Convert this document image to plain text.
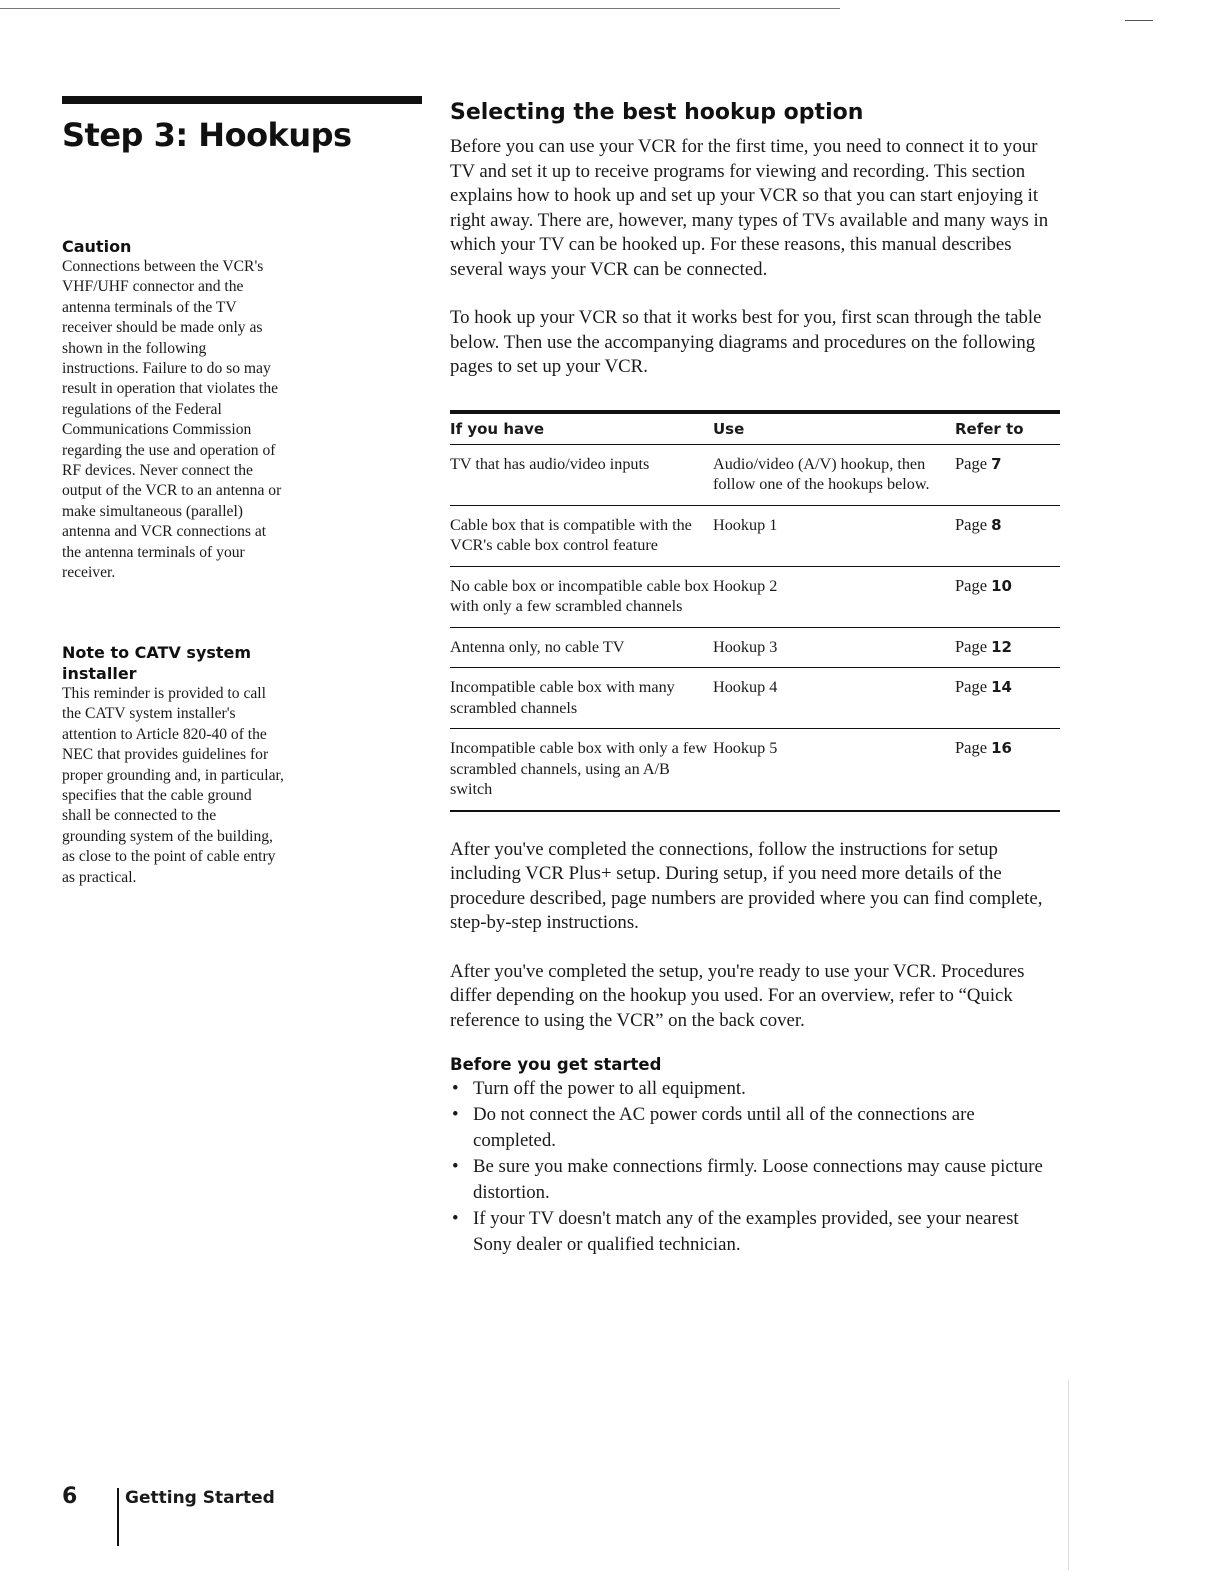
Step 3: Hookups

Caution

Connections between the VCR's VHF/UHF connector and the antenna terminals of the TV receiver should be made only as shown in the following instructions. Failure to do so may result in operation that violates the regulations of the Federal Communications Commission regarding the use and operation of RF devices. Never connect the output of the VCR to an antenna or make simultaneous (parallel) antenna and VCR connections at the antenna terminals of your receiver.

Note to CATV system installer

This reminder is provided to call the CATV system installer's attention to Article 820-40 of the NEC that provides guidelines for proper grounding and, in particular, specifies that the cable ground shall be connected to the grounding system of the building, as close to the point of cable entry as practical.

Selecting the best hookup option

Before you can use your VCR for the first time, you need to connect it to your TV and set it up to receive programs for viewing and recording. This section explains how to hook up and set up your VCR so that you can start enjoying it right away. There are, however, many types of TVs available and many ways in which your TV can be hooked up. For these reasons, this manual describes several ways your VCR can be connected.

To hook up your VCR so that it works best for you, first scan through the table below. Then use the accompanying diagrams and procedures on the following pages to set up your VCR.

If you have	Use	Refer to
TV that has audio/video inputs	Audio/video (A/V) hookup, then follow one of the hookups below.	Page 7
Cable box that is compatible with the VCR's cable box control feature	Hookup 1	Page 8
No cable box or incompatible cable box with only a few scrambled channels	Hookup 2	Page 10
Antenna only, no cable TV	Hookup 3	Page 12
Incompatible cable box with many scrambled channels	Hookup 4	Page 14
Incompatible cable box with only a few scrambled channels, using an A/B switch	Hookup 5	Page 16

After you've completed the connections, follow the instructions for setup including VCR Plus+ setup. During setup, if you need more details of the procedure described, page numbers are provided where you can find complete, step-by-step instructions.

After you've completed the setup, you're ready to use your VCR. Procedures differ depending on the hookup you used. For an overview, refer to “Quick reference to using the VCR” on the back cover.

Before you get started

• Turn off the power to all equipment.
• Do not connect the AC power cords until all of the connections are completed.
• Be sure you make connections firmly. Loose connections may cause picture distortion.
• If your TV doesn't match any of the examples provided, see your nearest Sony dealer or qualified technician.
6	Getting Started
